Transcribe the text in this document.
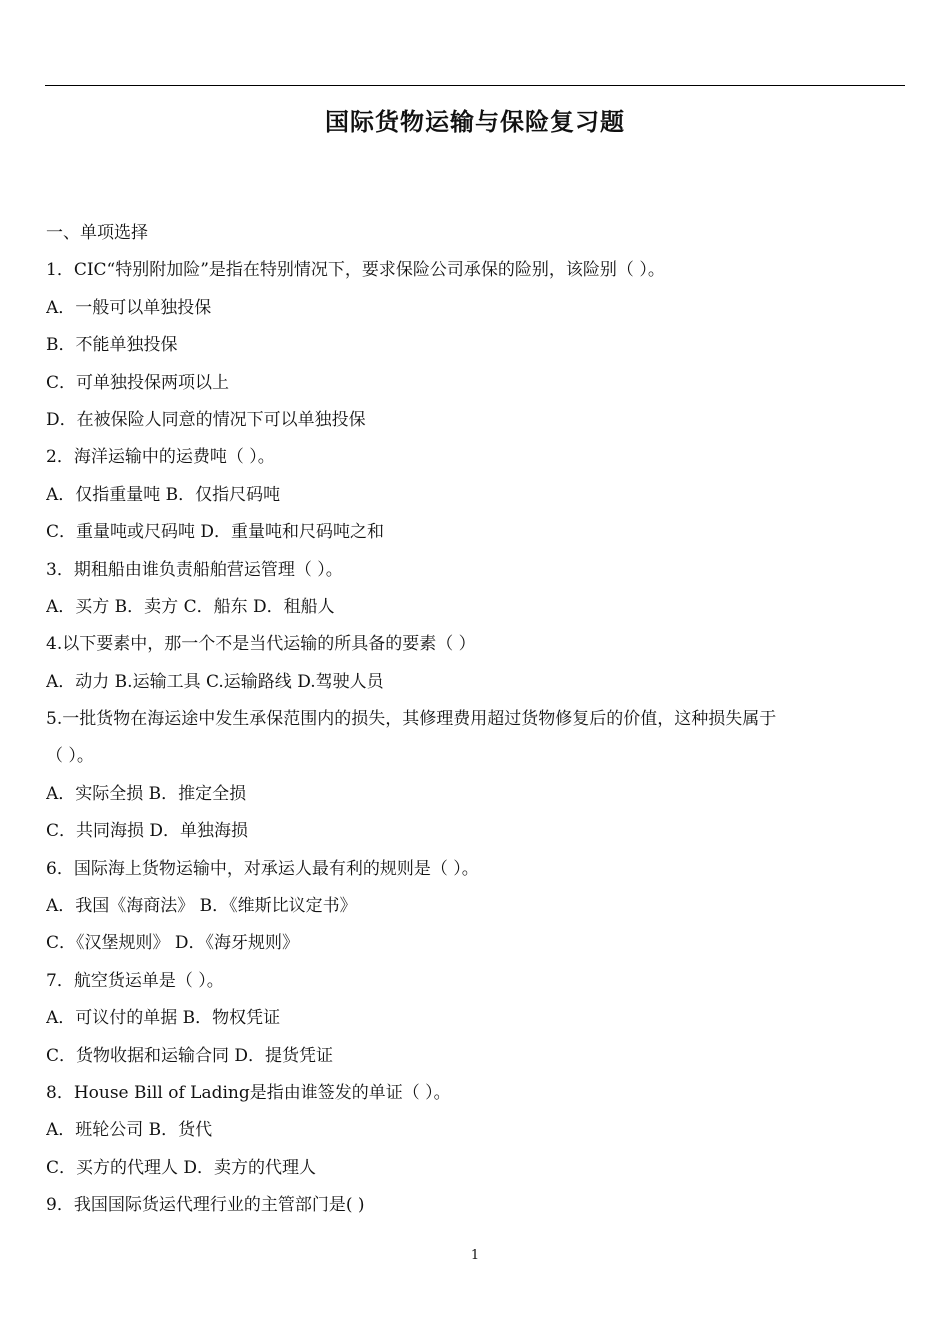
国际货物运输与保险复习题
一、单项选择
1．CIC“特别附加险”是指在特别情况下，要求保险公司承保的险别，该险别（ ）。
A．一般可以单独投保
B．不能单独投保
C．可单独投保两项以上
D．在被保险人同意的情况下可以单独投保
2．海洋运输中的运费吨（ ）。
A．仅指重量吨 B．仅指尺码吨
C．重量吨或尺码吨 D．重量吨和尺码吨之和
3．期租船由谁负责船舶营运管理（ ）。
A．买方 B．卖方 C．船东 D．租船人
4.以下要素中，那一个不是当代运输的所具备的要素（ ）
A．动力 B.运输工具 C.运输路线 D.驾驶人员
5.一批货物在海运途中发生承保范围内的损失，其修理费用超过货物修复后的价值，这种损失属于
（ ）。
A．实际全损 B．推定全损
C．共同海损 D．单独海损
6．国际海上货物运输中，对承运人最有利的规则是（ ）。
A．我国《海商法》 B．《维斯比议定书》
C．《汉堡规则》 D．《海牙规则》
7．航空货运单是（ ）。
A．可议付的单据 B．物权凭证
C．货物收据和运输合同 D．提货凭证
8．House Bill of Lading是指由谁签发的单证（ ）。
A．班轮公司 B．货代
C．买方的代理人 D．卖方的代理人
9．我国国际货运代理行业的主管部门是( )
1
